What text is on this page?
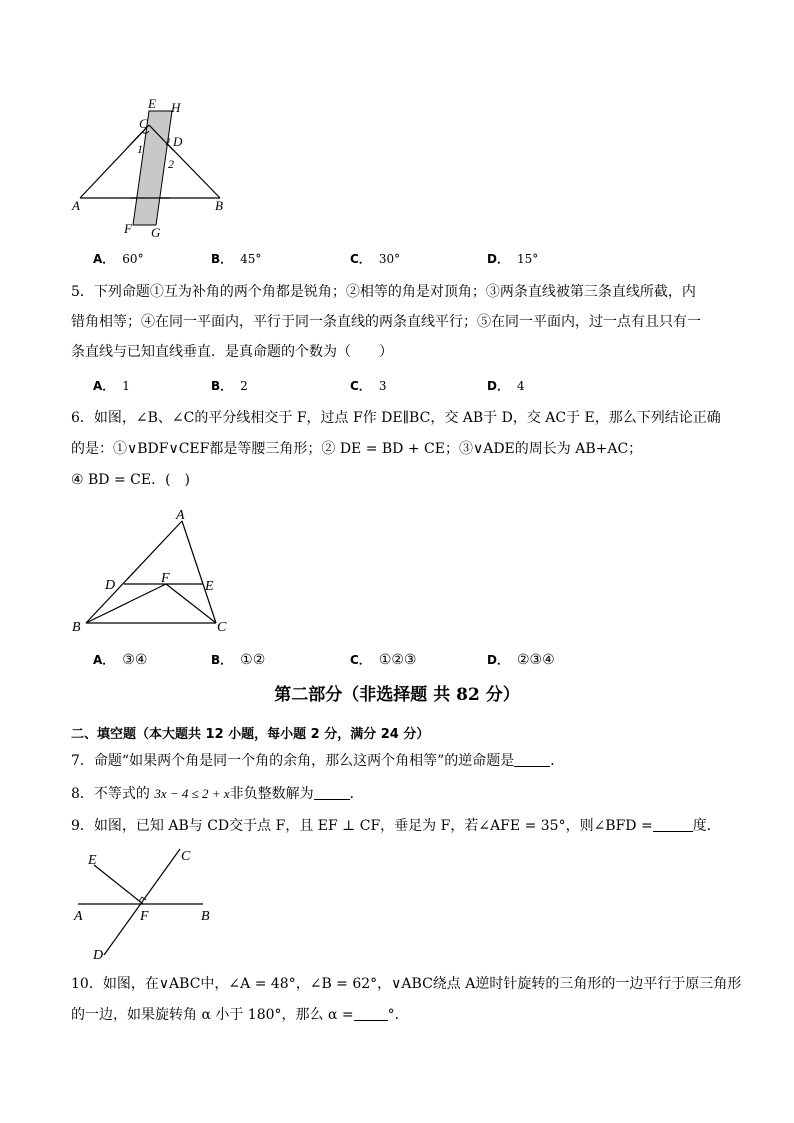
E H
C
D
1
2
A	B
F G
A． 60°	B． 45°	C． 30°	D． 15°
5．下列命题①互为补角的两个角都是锐角；②相等的角是对顶角；③两条直线被第三条直线所截，内
错角相等；④在同一平面内，平行于同一条直线的两条直线平行；⑤在同一平面内，过一点有且只有一
条直线与已知直线垂直．是真命题的个数为（　　）
A． 1	B． 2	C． 3	D． 4
6．如图，∠B、∠C的平分线相交于 F，过点 F作 DE∥BC，交 AB于 D，交 AC于 E，那么下列结论正确
的是：①∨BDF∨CEF都是等腰三角形；② DE = BD + CE；③∨ADE的周长为 AB+AC；
④ BD = CE．(　)
A
D	F
E
B	C
A． ③④	B． ①②	C． ①②③	D． ②③④
第二部分（非选择题 共 82 分）
二、填空题（本大题共 12 小题，每小题 2 分，满分 24 分）
7．命题“如果两个角是同一个角的余角，那么这两个角相等”的逆命题是	．
8．不等式的 3x − 4 ≤ 2 + x非负整数解为	．
9．如图，已知 AB与 CD交于点 F，且 EF ⊥ CF，垂足为 F，若∠AFE = 35°，则∠BFD =	度．
E	C
A	F	B
D
10．如图，在∨ABC中，∠A = 48°，∠B = 62°，∨ABC绕点 A逆时针旋转的三角形的一边平行于原三角形
的一边，如果旋转角 α 小于 180°，那么 α = °．
